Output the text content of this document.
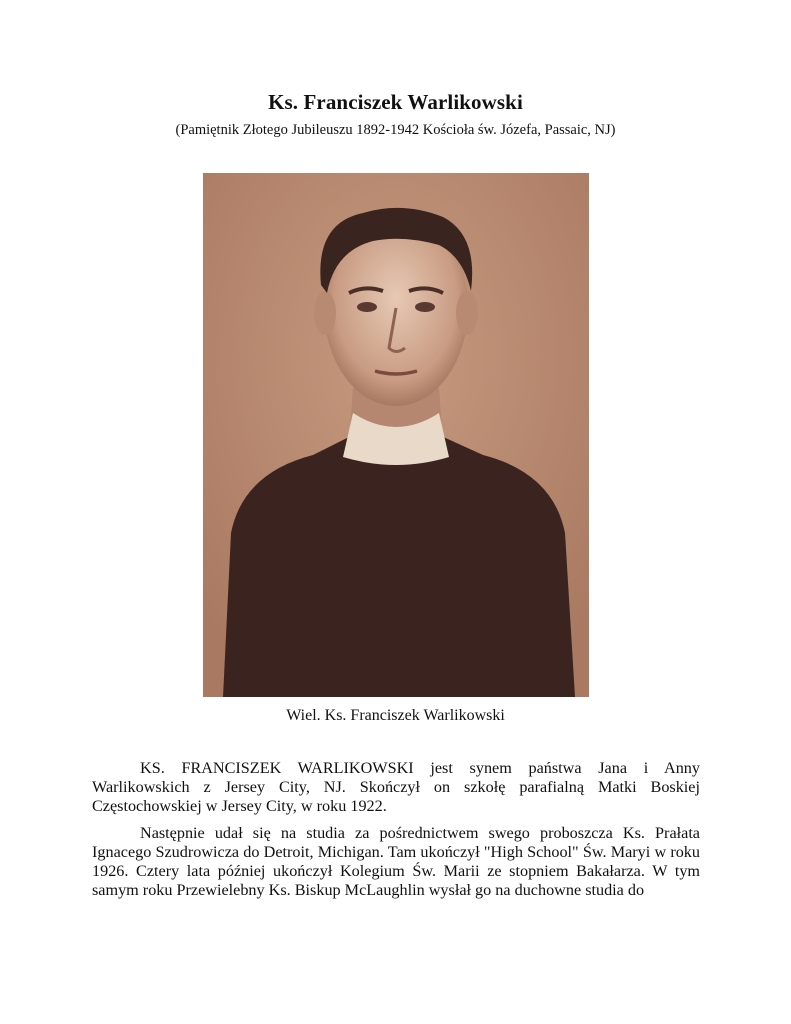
Ks. Franciszek Warlikowski
(Pamiętnik Złotego Jubileuszu 1892-1942 Kościoła św. Józefa, Passaic, NJ)
Wiel. Ks. Franciszek Warlikowski

KS. FRANCISZEK WARLIKOWSKI jest synem państwa Jana i Anny Warlikowskich z Jersey City, NJ. Skończył on szkołę parafialną Matki Boskiej Częstochowskiej w Jersey City, w roku 1922.

Następnie udał się na studia za pośrednictwem swego proboszcza Ks. Prałata Ignacego Szudrowicza do Detroit, Michigan. Tam ukończył "High School" Św. Maryi w roku 1926. Cztery lata później ukończył Kolegium Św. Marii ze stopniem Bakałarza. W tym samym roku Przewielebny Ks. Biskup McLaughlin wysłał go na duchowne studia do
